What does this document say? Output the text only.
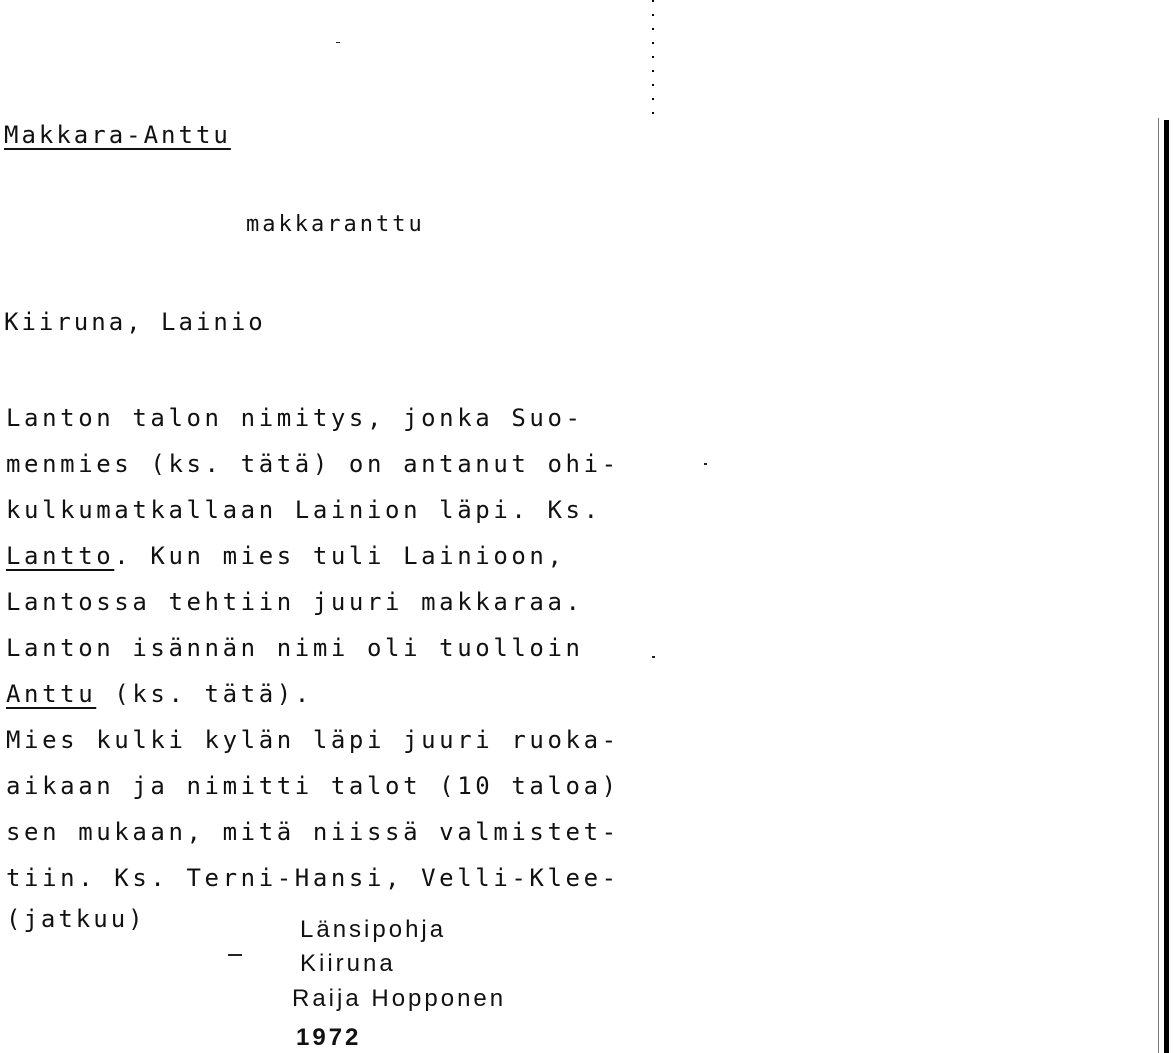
Makkara-Anttu
makkaranttu
Kiiruna, Lainio
Lanton talon nimitys, jonka Suo-
menmies (ks. tätä) on antanut ohi-
kulkumatkallaan Lainion läpi. Ks.
Lantto. Kun mies tuli Lainioon,
Lantossa tehtiin juuri makkaraa.
Lanton isännän nimi oli tuolloin
Anttu (ks. tätä).
Mies kulki kylän läpi juuri ruoka-
aikaan ja nimitti talot (10 taloa)
sen mukaan, mitä niissä valmistet-
tiin. Ks. Terni-Hansi, Velli-Klee-
(jatkuu)	Länsipohja
Kiiruna
Raija Hopponen
1972
